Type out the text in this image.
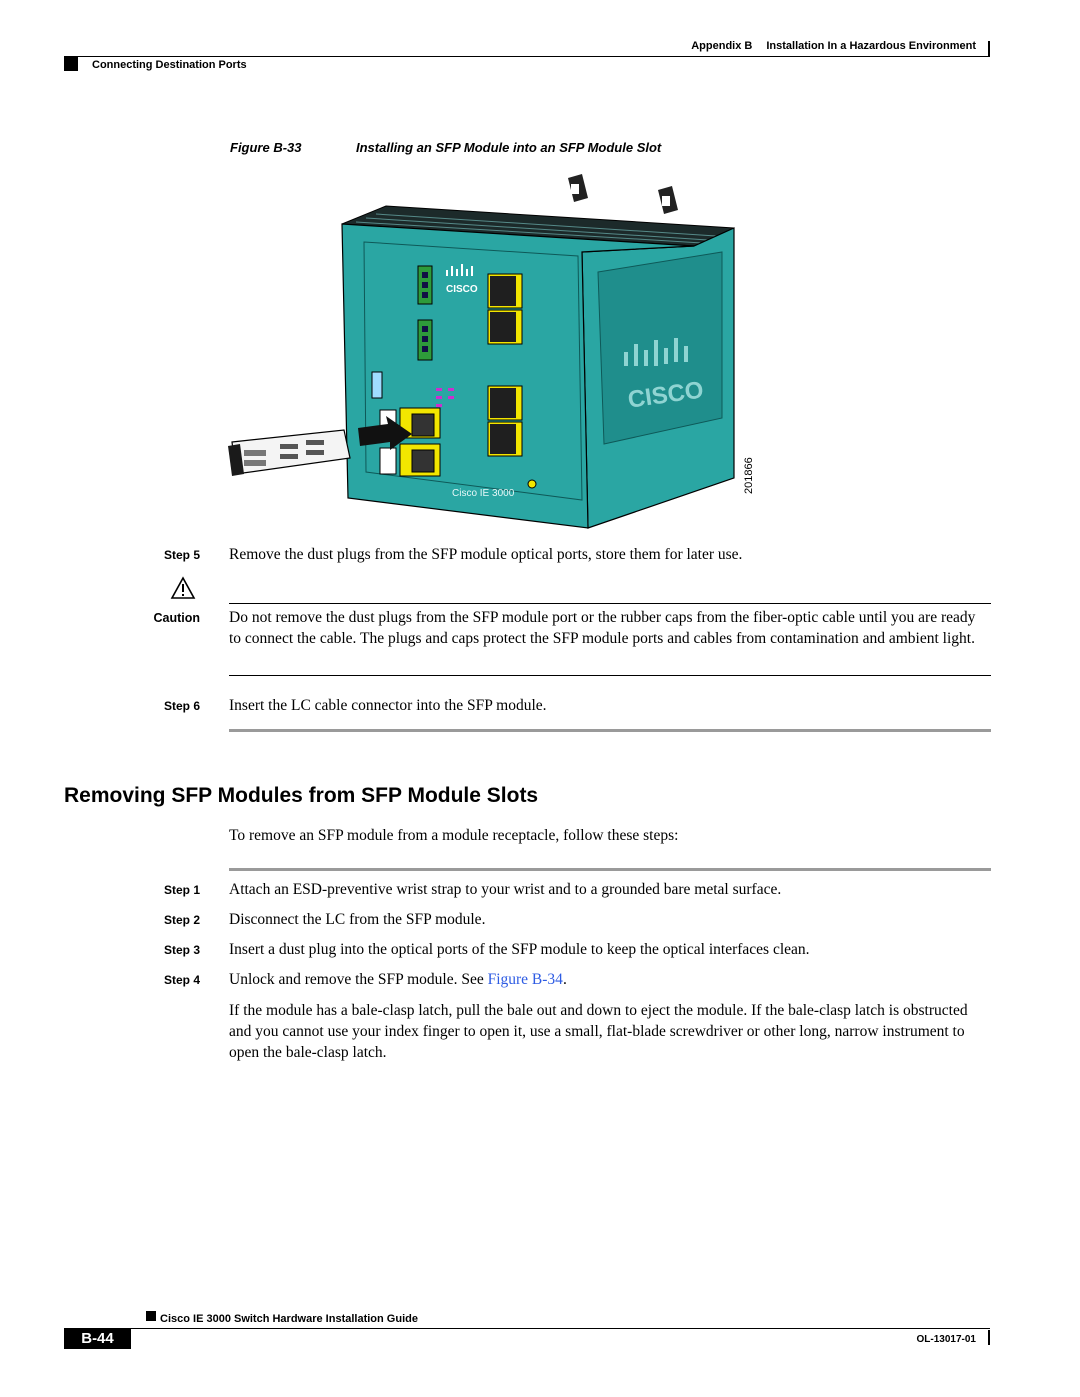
Appendix B Installation In a Hazardous Environment
Connecting Destination Ports
Figure B-33	Installing an SFP Module into an SFP Module Slot
CISCO
CISCO
Cisco IE 3000	201866
Step 5 Remove the dust plugs from the SFP module optical ports, store them for later use.
Caution Do not remove the dust plugs from the SFP module port or the rubber caps from the fiber-optic cable until you are ready to connect the cable. The plugs and caps protect the SFP module ports and cables from contamination and ambient light.
Step 6 Insert the LC cable connector into the SFP module.
Removing SFP Modules from SFP Module Slots
To remove an SFP module from a module receptacle, follow these steps:
Step 1 Attach an ESD-preventive wrist strap to your wrist and to a grounded bare metal surface.
Step 2 Disconnect the LC from the SFP module.
Step 3 Insert a dust plug into the optical ports of the SFP module to keep the optical interfaces clean.
Step 4 Unlock and remove the SFP module. See Figure B-34.
If the module has a bale-clasp latch, pull the bale out and down to eject the module. If the bale-clasp latch is obstructed and you cannot use your index finger to open it, use a small, flat-blade screwdriver or other long, narrow instrument to open the bale-clasp latch.
Cisco IE 3000 Switch Hardware Installation Guide
B-44	OL-13017-01
